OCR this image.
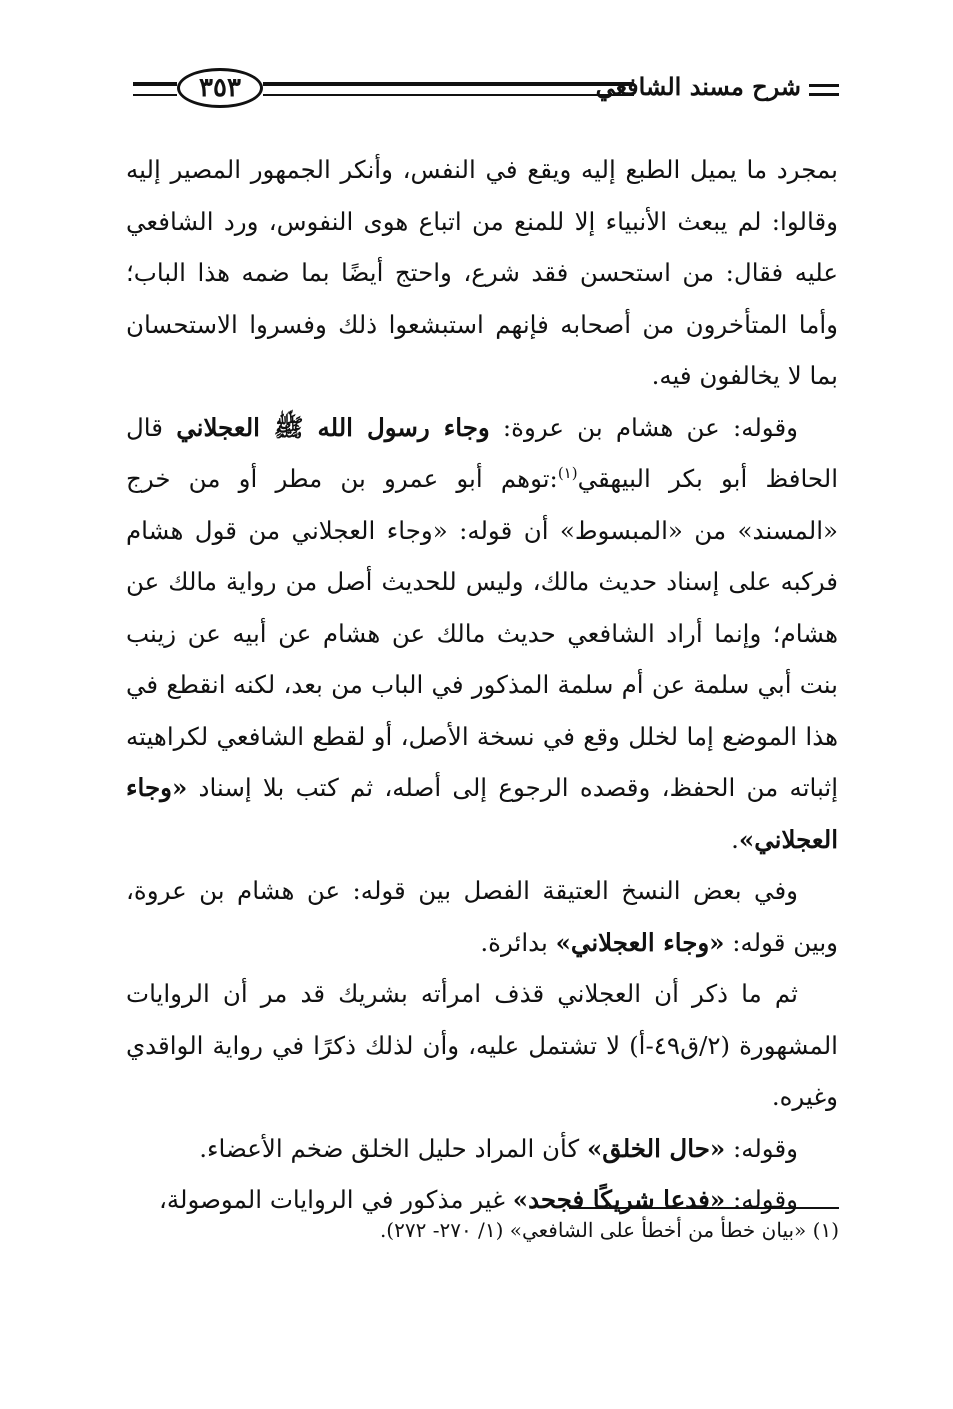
شرح مسند الشافعي
٣٥٣

بمجرد ما يميل الطبع إليه ويقع في النفس، وأنكر الجمهور المصير إليه وقالوا: لم يبعث الأنبياء إلا للمنع من اتباع هوى النفوس، ورد الشافعي عليه فقال: من استحسن فقد شرع، واحتج أيضًا بما ضمه هذا الباب؛ وأما المتأخرون من أصحابه فإنهم استبشعوا ذلك وفسروا الاستحسان بما لا يخالفون فيه.

وقوله: عن هشام بن عروة: وجاء رسول الله ﷺ العجلاني قال الحافظ أبو بكر البيهقي$^{(١)}$:توهم أبو عمرو بن مطر أو من خرج «المسند» من «المبسوط» أن قوله: «وجاء العجلاني من قول هشام فركبه على إسناد حديث مالك، وليس للحديث أصل من رواية مالك عن هشام؛ وإنما أراد الشافعي حديث مالك عن هشام عن أبيه عن زينب بنت أبي سلمة عن أم سلمة المذكور في الباب من بعد، لكنه انقطع في هذا الموضع إما لخلل وقع في نسخة الأصل، أو لقطع الشافعي لكراهيته إثباته من الحفظ، وقصده الرجوع إلى أصله، ثم كتب بلا إسناد «وجاء العجلاني».

وفي بعض النسخ العتيقة الفصل بين قوله: عن هشام بن عروة، وبين قوله: «وجاء العجلاني» بدائرة.

ثم ما ذكر أن العجلاني قذف امرأته بشريك قد مر أن الروايات المشهورة (٢/ق٤٩-أ) لا تشتمل عليه، وأن لذلك ذكرًا في رواية الواقدي وغيره.

وقوله: «حال الخلق» كأن المراد حليل الخلق ضخم الأعضاء.

وقوله: «فدعا شريكًا فجحد» غير مذكور في الروايات الموصولة،

(١) «بيان خطأ من أخطأ على الشافعي» (١/ ٢٧٠- ٢٧٢).
